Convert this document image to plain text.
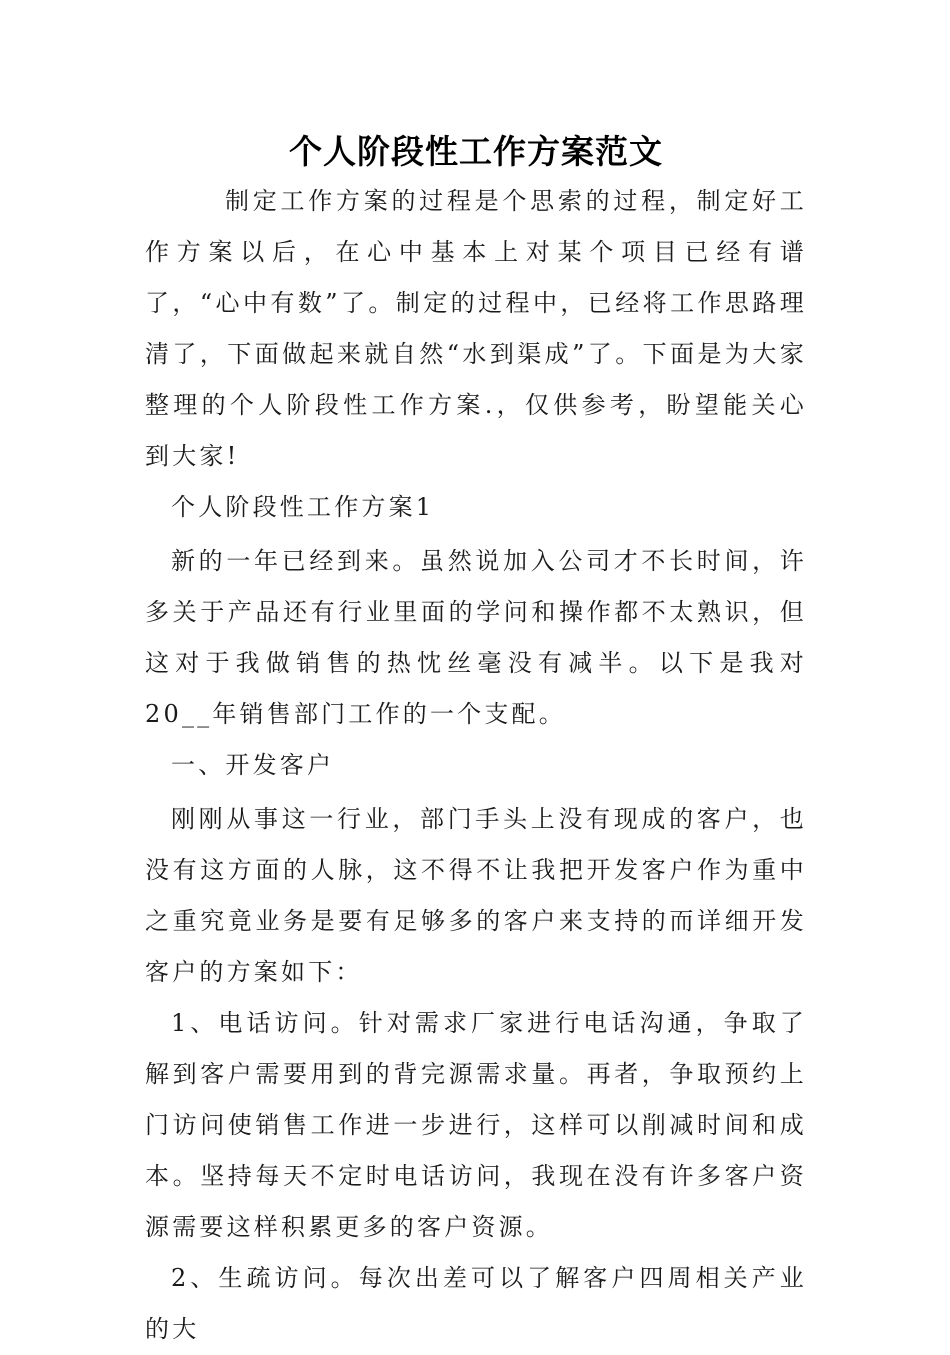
个人阶段性工作方案范文

制定工作方案的过程是个思索的过程，制定好工作方案以后，在心中基本上对某个项目已经有谱了，“心中有数”了。制定的过程中，已经将工作思路理清了，下面做起来就自然“水到渠成”了。下面是为大家整理的个人阶段性工作方案.，仅供参考，盼望能关心到大家!

个人阶段性工作方案1

新的一年已经到来。虽然说加入公司才不长时间，许多关于产品还有行业里面的学问和操作都不太熟识，但这对于我做销售的热忱丝毫没有减半。以下是我对20__年销售部门工作的一个支配。

一、开发客户

刚刚从事这一行业，部门手头上没有现成的客户，也没有这方面的人脉，这不得不让我把开发客户作为重中之重究竟业务是要有足够多的客户来支持的而详细开发客户的方案如下：

1、电话访问。针对需求厂家进行电话沟通，争取了解到客户需要用到的背完源需求量。再者，争取预约上门访问使销售工作进一步进行，这样可以削减时间和成本。坚持每天不定时电话访问，我现在没有许多客户资源需要这样积累更多的客户资源。

2、生疏访问。每次出差可以了解客户四周相关产业的大
